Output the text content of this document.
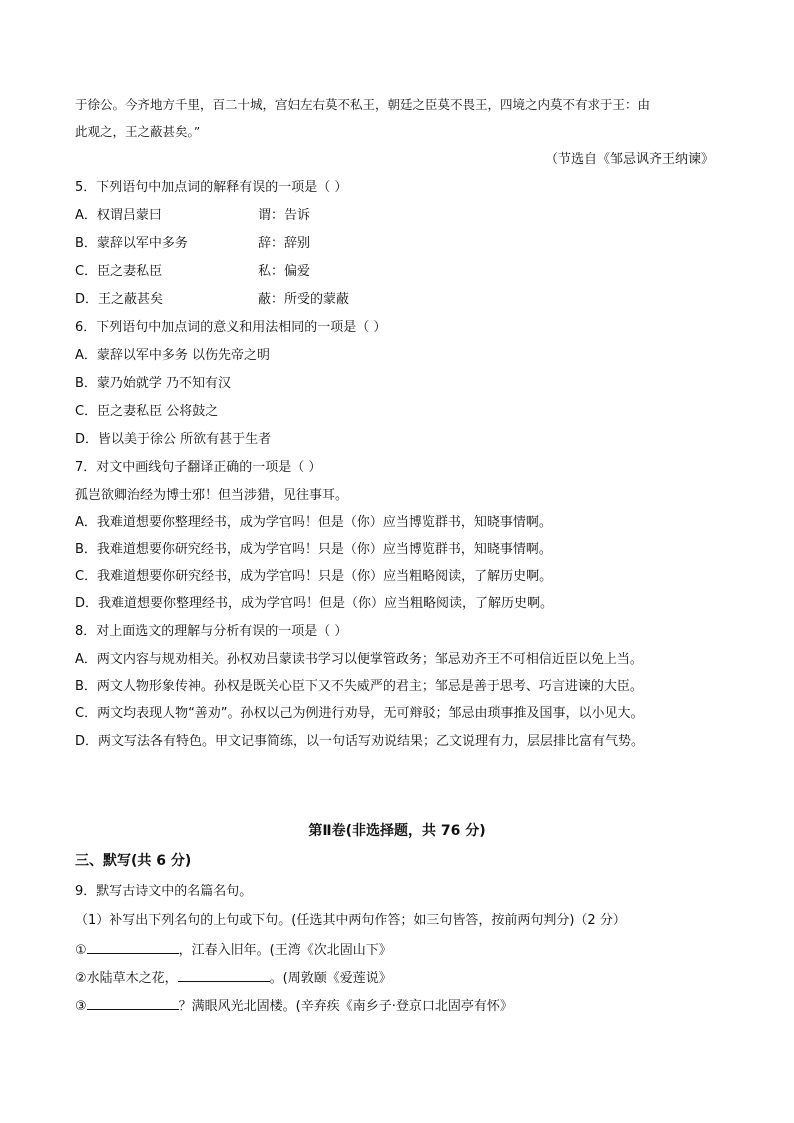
于徐公。今齐地方千里，百二十城，宫妇左右莫不私王，朝廷之臣莫不畏王，四境之内莫不有求于王：由
此观之，王之蔽甚矣。”
（节选自《邹忌讽齐王纳谏》
5．下列语句中加点词的解释有误的一项是（ ）
A．权谓吕蒙曰	谓：告诉
B．蒙辞以军中多务	辞：辞别
C．臣之妻私臣	私：偏爱
D．王之蔽甚矣	蔽：所受的蒙蔽
6．下列语句中加点词的意义和用法相同的一项是（ ）
A．蒙辞以军中多务 以伤先帝之明
B．蒙乃始就学 乃不知有汉
C．臣之妻私臣 公将鼓之
D．皆以美于徐公 所欲有甚于生者
7．对文中画线句子翻译正确的一项是（ ）
孤岂欲卿治经为博士邪！但当涉猎，见往事耳。
A．我难道想要你整理经书，成为学官吗！但是（你）应当博览群书，知晓事情啊。
B．我难道想要你研究经书，成为学官吗！只是（你）应当博览群书，知晓事情啊。
C．我难道想要你研究经书，成为学官吗！只是（你）应当粗略阅读，了解历史啊。
D．我难道想要你整理经书，成为学官吗！但是（你）应当粗略阅读，了解历史啊。
8．对上面选文的理解与分析有误的一项是（ ）
A．两文内容与规劝相关。孙权劝吕蒙读书学习以便掌管政务；邹忌劝齐王不可相信近臣以免上当。
B．两文人物形象传神。孙权是既关心臣下又不失威严的君主；邹忌是善于思考、巧言进谏的大臣。
C．两文均表现人物“善劝”。孙权以己为例进行劝导，无可辩驳；邹忌由琐事推及国事，以小见大。
D．两文写法各有特色。甲文记事简练，以一句话写劝说结果；乙文说理有力，层层排比富有气势。
第Ⅱ卷(非选择题，共 76 分)
三、默写(共 6 分)
9．默写古诗文中的名篇名句。
（1）补写出下列名句的上句或下句。(任选其中两句作答；如三句皆答，按前两句判分)（2 分）
①	，江春入旧年。(王湾《次北固山下》
②水陆草木之花，	。(周敦颐《爱莲说》
③	？满眼风光北固楼。(辛弃疾《南乡子·登京口北固亭有怀》
